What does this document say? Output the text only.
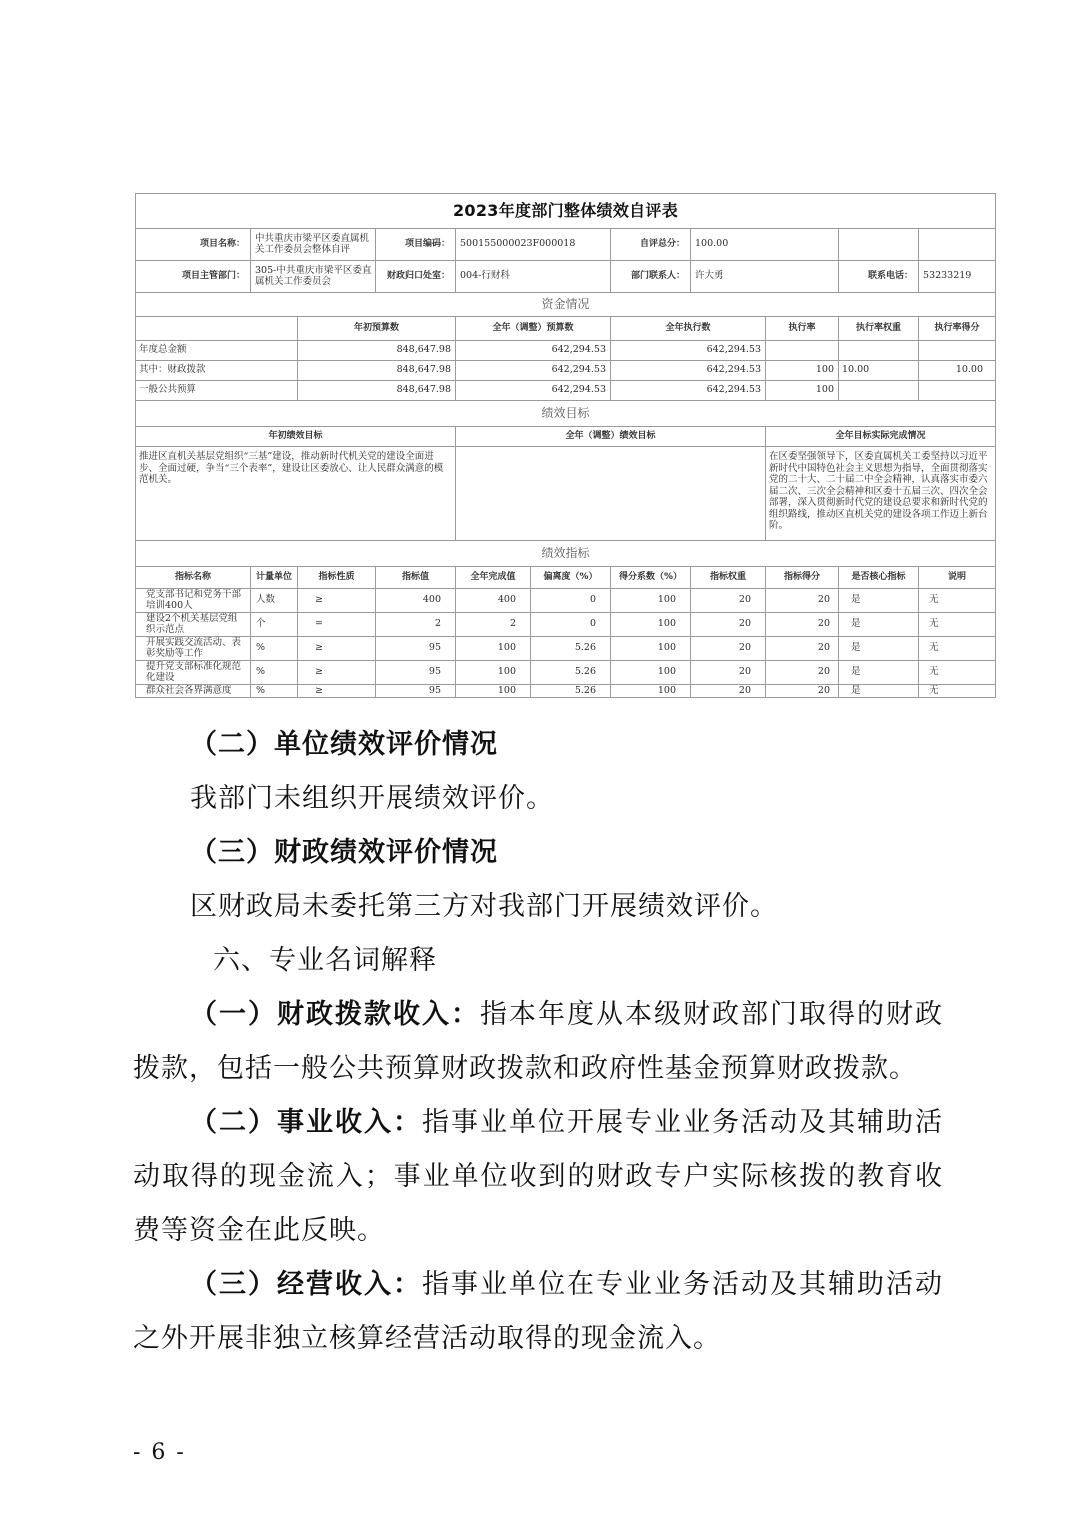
2023年度部门整体绩效自评表										
项目名称：	中共重庆市梁平区委直属机关工作委员会整体自评		项目编码：	500155000023F000018		自评总分：	100.00			
项目主管部门：	305-中共重庆市梁平区委直属机关工作委员会		财政归口处室：	004-行财科		部门联系人：	许大勇		联系电话：	53233219
资金情况										
		年初预算数		全年（调整）预算数		全年执行数		执行率	执行率权重	执行率得分
年度总金额		848,647.98		642,294.53		642,294.53				
其中：财政拨款		848,647.98		642,294.53		642,294.53		100	10.00	10.00
一般公共预算		848,647.98		642,294.53		642,294.53		100		
绩效目标										
年初绩效目标				全年（调整）绩效目标				全年目标实际完成情况		
推进区直机关基层党组织“三基”建设，推动新时代机关党的建设全面进步、全面过硬，争当“三个表率”，建设让区委放心、让人民群众满意的模范机关。								在区委坚强领导下，区委直属机关工委坚持以习近平新时代中国特色社会主义思想为指导，全面贯彻落实党的二十大、二十届二中全会精神，认真落实市委六届二次、三次全会精神和区委十五届三次、四次全会部署，深入贯彻新时代党的建设总要求和新时代党的组织路线，推动区直机关党的建设各项工作迈上新台阶。		
绩效指标										
指标名称	计量单位	指标性质	指标值	全年完成值	偏离度（%）	得分系数（%）	指标权重	指标得分	是否核心指标	说明
党支部书记和党务干部培训400人	人数	≥	400	400	0	100	20	20	是	无
建设2个机关基层党组织示范点	个	=	2	2	0	100	20	20	是	无
开展实践交流活动、表彰奖励等工作	%	≥	95	100	5.26	100	20	20	是	无
提升党支部标准化规范化建设	%	≥	95	100	5.26	100	20	20	是	无
群众社会各界满意度	%	≥	95	100	5.26	100	20	20	是	无
（二）单位绩效评价情况
我部门未组织开展绩效评价。
（三）财政绩效评价情况
区财政局未委托第三方对我部门开展绩效评价。
六、专业名词解释
（一）财政拨款收入：指本年度从本级财政部门取得的财政
拨款，包括一般公共预算财政拨款和政府性基金预算财政拨款。
（二）事业收入：指事业单位开展专业业务活动及其辅助活
动取得的现金流入；事业单位收到的财政专户实际核拨的教育收
费等资金在此反映。
（三）经营收入：指事业单位在专业业务活动及其辅助活动
之外开展非独立核算经营活动取得的现金流入。
- 6 -
